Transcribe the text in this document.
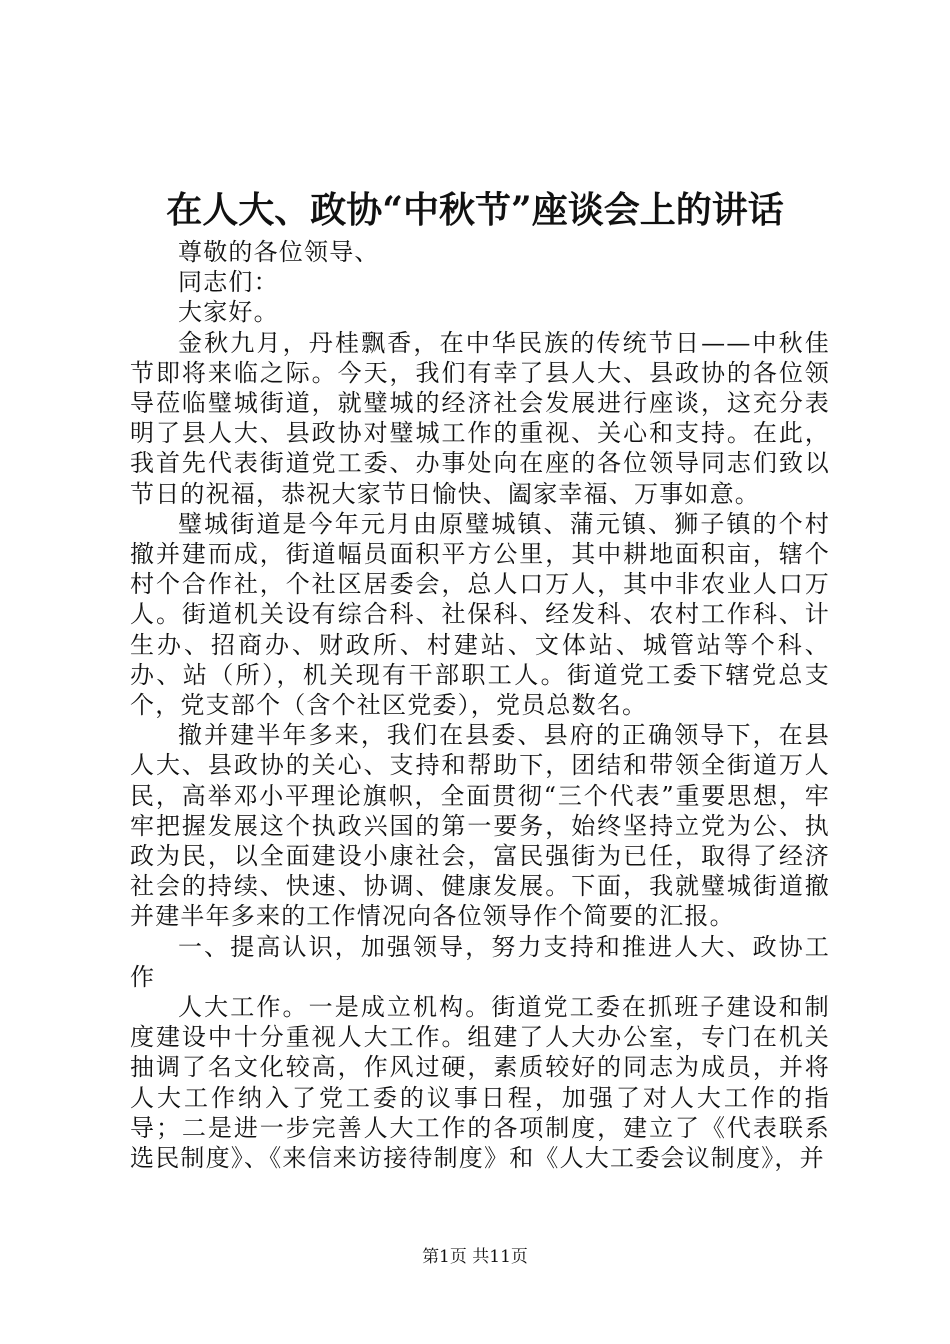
在人大、政协“中秋节”座谈会上的讲话

尊敬的各位领导、

同志们：

大家好。

金秋九月，丹桂飘香，在中华民族的传统节日——中秋佳节即将来临之际。今天，我们有幸了县人大、县政协的各位领导莅临璧城街道，就璧城的经济社会发展进行座谈，这充分表明了县人大、县政协对璧城工作的重视、关心和支持。在此，我首先代表街道党工委、办事处向在座的各位领导同志们致以节日的祝福，恭祝大家节日愉快、阖家幸福、万事如意。

璧城街道是今年元月由原璧城镇、蒲元镇、狮子镇的个村撤并建而成，街道幅员面积平方公里，其中耕地面积亩，辖个村个合作社，个社区居委会，总人口万人，其中非农业人口万人。街道机关设有综合科、社保科、经发科、农村工作科、计生办、招商办、财政所、村建站、文体站、城管站等个科、办、站（所），机关现有干部职工人。街道党工委下辖党总支个，党支部个（含个社区党委），党员总数名。

撤并建半年多来，我们在县委、县府的正确领导下，在县人大、县政协的关心、支持和帮助下，团结和带领全街道万人民，高举邓小平理论旗帜，全面贯彻“三个代表”重要思想，牢牢把握发展这个执政兴国的第一要务，始终坚持立党为公、执政为民，以全面建设小康社会，富民强街为已任，取得了经济社会的持续、快速、协调、健康发展。下面，我就璧城街道撤并建半年多来的工作情况向各位领导作个简要的汇报。

一、提高认识，加强领导，努力支持和推进人大、政协工作

人大工作。一是成立机构。街道党工委在抓班子建设和制度建设中十分重视人大工作。组建了人大办公室，专门在机关抽调了名文化较高，作风过硬，素质较好的同志为成员，并将人大工作纳入了党工委的议事日程，加强了对人大工作的指导；二是进一步完善人大工作的各项制度，建立了《代表联系选民制度》、《来信来访接待制度》和《人大工委会议制度》，并

第1页 共11页
